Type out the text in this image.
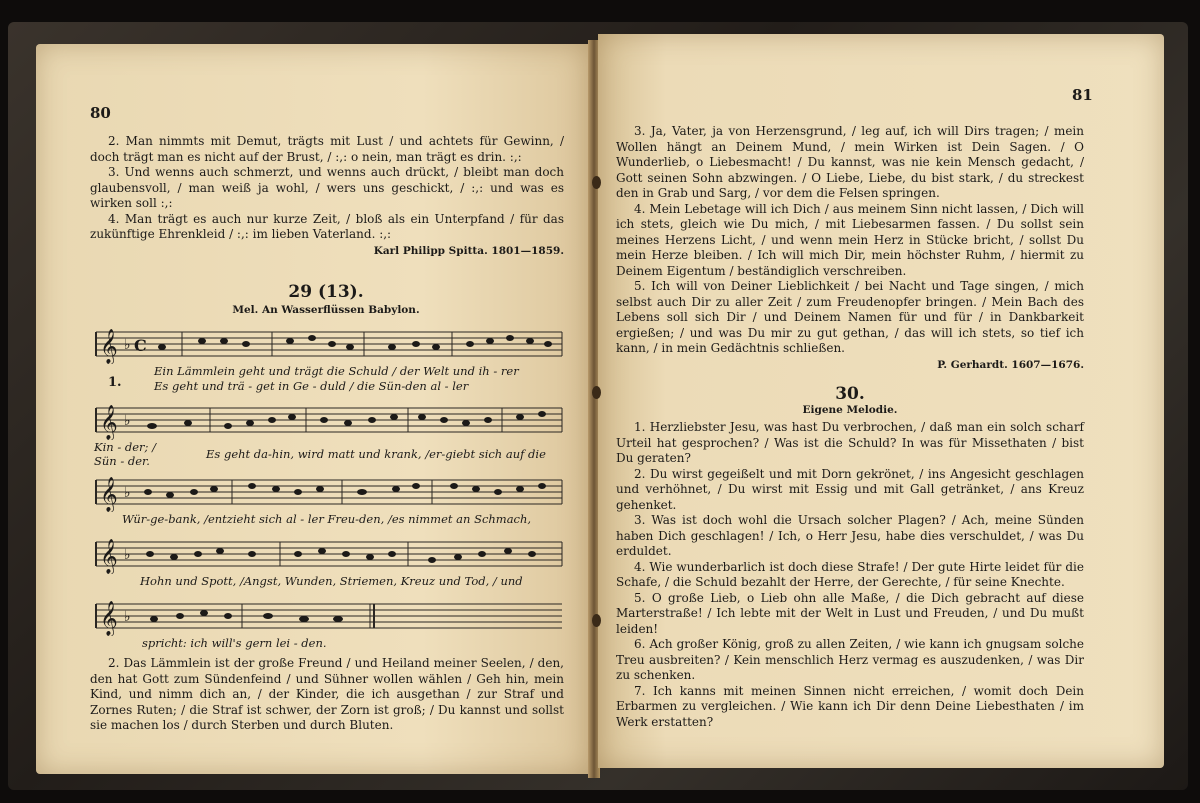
80

2. Man nimmts mit Demut, trägts mit Lust / und achtets für Gewinn, / doch trägt man es nicht auf der Brust, / :,: o nein, man trägt es drin. :,:

3. Und wenns auch schmerzt, und wenns auch drückt, / bleibt man doch glaubensvoll, / man weiß ja wohl, / wers uns geschickt, / :,: und was es wirken soll :,:

4. Man trägt es auch nur kurze Zeit, / bloß als ein Unterpfand / für das zukünftige Ehrenkleid / :,: im lieben Vaterland. :,:

Karl Philipp Spitta. 1801—1859.

29 (13).
Mel. An Wasserflüssen Babylon.
𝄞 ♭ C
1.
Ein Lämmlein geht und trägt die Schuld / der Welt und ih - rer
Es geht und trä - get in Ge - duld / die Sün-den al - ler
𝄞 ♭
Kin - der; /
Sün - der.	Es geht da-hin, wird matt und krank, /er-giebt sich auf die
𝄞 ♭
Wür-ge-bank, /entzieht sich al - ler Freu-den, /es nimmet an Schmach,
𝄞 ♭
Hohn und Spott, /Angst, Wunden, Striemen, Kreuz und Tod, / und
𝄞 ♭
spricht: ich will's gern lei - den.

2. Das Lämmlein ist der große Freund / und Heiland meiner Seelen, / den, den hat Gott zum Sündenfeind / und Sühner wollen wählen / Geh hin, mein Kind, und nimm dich an, / der Kinder, die ich ausgethan / zur Straf und Zornes Ruten; / die Straf ist schwer, der Zorn ist groß; / Du kannst und sollst sie machen los / durch Sterben und durch Bluten.

81

3. Ja, Vater, ja von Herzensgrund, / leg auf, ich will Dirs tragen; / mein Wollen hängt an Deinem Mund, / mein Wirken ist Dein Sagen. / O Wunderlieb, o Liebesmacht! / Du kannst, was nie kein Mensch gedacht, / Gott seinen Sohn abzwingen. / O Liebe, Liebe, du bist stark, / du streckest den in Grab und Sarg, / vor dem die Felsen springen.

4. Mein Lebetage will ich Dich / aus meinem Sinn nicht lassen, / Dich will ich stets, gleich wie Du mich, / mit Liebesarmen fassen. / Du sollst sein meines Herzens Licht, / und wenn mein Herz in Stücke bricht, / sollst Du mein Herze bleiben. / Ich will mich Dir, mein höchster Ruhm, / hiermit zu Deinem Eigentum / beständiglich verschreiben.

5. Ich will von Deiner Lieblichkeit / bei Nacht und Tage singen, / mich selbst auch Dir zu aller Zeit / zum Freudenopfer bringen. / Mein Bach des Lebens soll sich Dir / und Deinem Namen für und für / in Dankbarkeit ergießen; / und was Du mir zu gut gethan, / das will ich stets, so tief ich kann, / in mein Gedächtnis schließen.

P. Gerhardt. 1607—1676.

30.
Eigene Melodie.

1. Herzliebster Jesu, was hast Du verbrochen, / daß man ein solch scharf Urteil hat gesprochen? / Was ist die Schuld? In was für Missethaten / bist Du geraten?

2. Du wirst gegeißelt und mit Dorn gekrönet, / ins Angesicht geschlagen und verhöhnet, / Du wirst mit Essig und mit Gall getränket, / ans Kreuz gehenket.

3. Was ist doch wohl die Ursach solcher Plagen? / Ach, meine Sünden haben Dich geschlagen! / Ich, o Herr Jesu, habe dies verschuldet, / was Du erduldet.

4. Wie wunderbarlich ist doch diese Strafe! / Der gute Hirte leidet für die Schafe, / die Schuld bezahlt der Herre, der Gerechte, / für seine Knechte.

5. O große Lieb, o Lieb ohn alle Maße, / die Dich gebracht auf diese Marterstraße! / Ich lebte mit der Welt in Lust und Freuden, / und Du mußt leiden!

6. Ach großer König, groß zu allen Zeiten, / wie kann ich gnugsam solche Treu ausbreiten? / Kein menschlich Herz vermag es auszudenken, / was Dir zu schenken.

7. Ich kanns mit meinen Sinnen nicht erreichen, / womit doch Dein Erbarmen zu vergleichen. / Wie kann ich Dir denn Deine Liebesthaten / im Werk erstatten?
